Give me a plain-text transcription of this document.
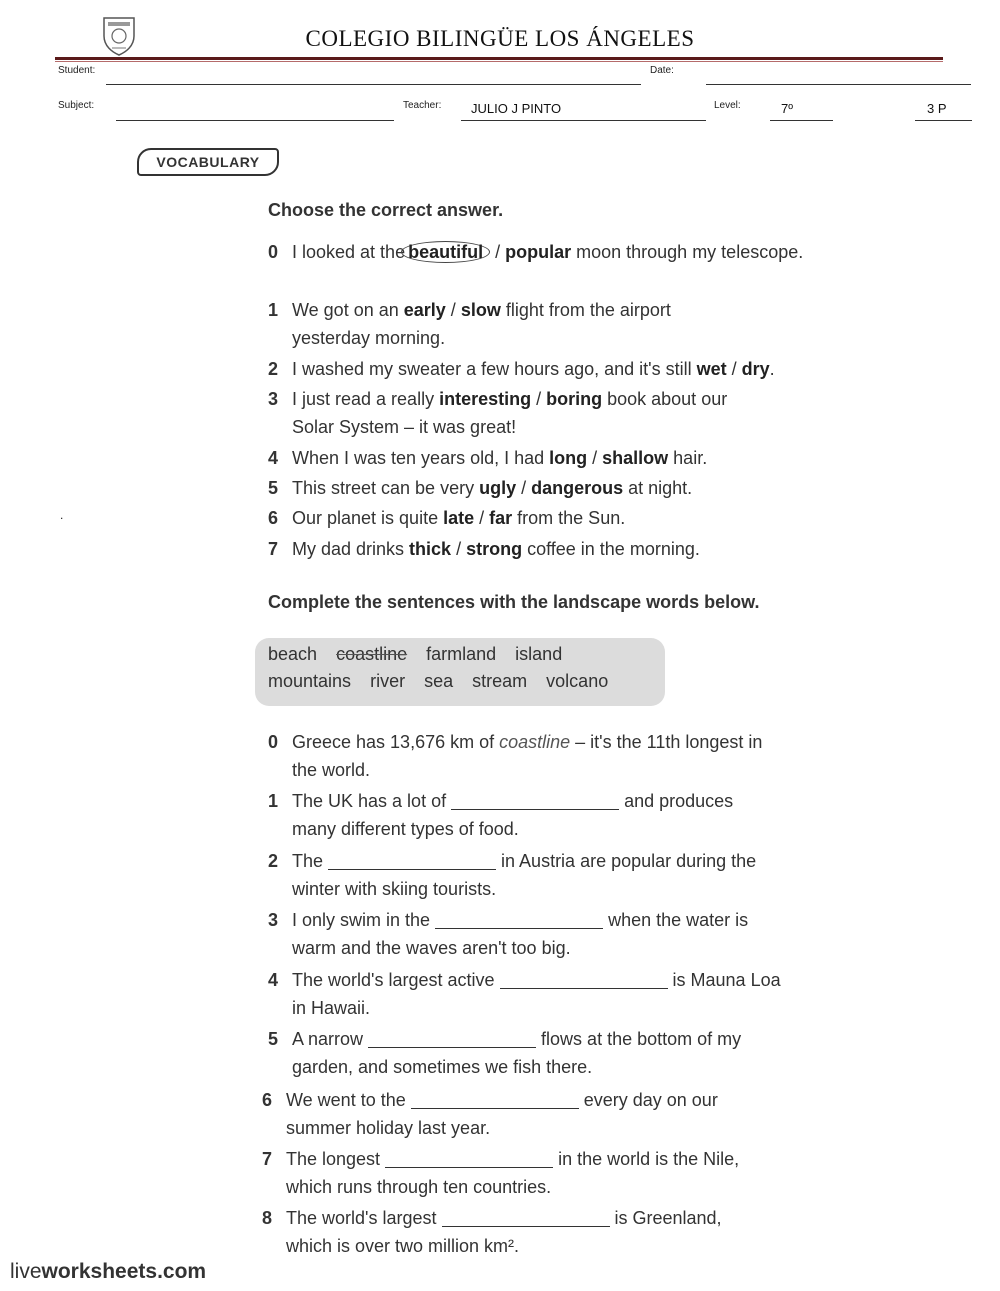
COLEGIO BILINGÜE LOS ÁNGELES
Student:	Date:
Subject:	Teacher: JULIO J PINTO	Level:	7º	3 P
VOCABULARY
.
Choose the correct answer.
0 I looked at the beautiful / popular moon through my telescope.
1 We got on an early / slow flight from the airport yesterday morning.
2 I washed my sweater a few hours ago, and it's still wet / dry.
3 I just read a really interesting / boring book about our Solar System – it was great!
4 When I was ten years old, I had long / shallow hair.
5 This street can be very ugly / dangerous at night.
6 Our planet is quite late / far from the Sun.
7 My dad drinks thick / strong coffee in the morning.
Complete the sentences with the landscape words below.
beach coastline farmland island
mountains river sea stream volcano
0 Greece has 13,676 km of coastline – it's the 11th longest in the world.
1 The UK has a lot of	and produces many different types of food.
2 The	in Austria are popular during the winter with skiing tourists.
3 I only swim in the	when the water is warm and the waves aren't too big.
4 The world's largest active	is Mauna Loa in Hawaii.
5 A narrow	flows at the bottom of my garden, and sometimes we fish there.
6 We went to the	every day on our summer holiday last year.
7 The longest	in the world is the Nile, which runs through ten countries.
8 The world's largest	is Greenland, which is over two million km².
liveworksheets.com
